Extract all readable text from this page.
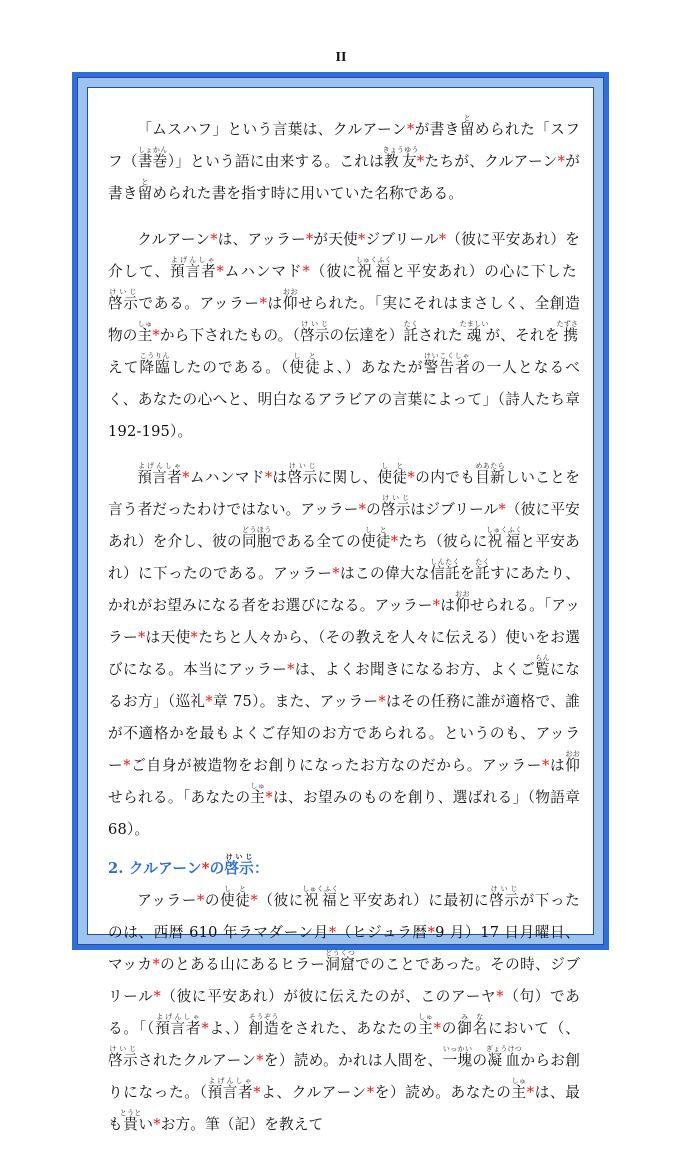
II

「ムスハフ」という言葉は、クルアーン*が書き留とめられた「スフフ（書巻しょかん）」という語に由来する。これは教友きょうゆう*たちが、クルアーン*が書き留とめられた書を指す時に用いていた名称である。

クルアーン*は、アッラー*が天使*ジブリール*（彼に平安あれ）を介して、預言者よげんしゃ*ムハンマド*（彼に祝福しゅくふくと平安あれ）の心に下した啓示けいじである。アッラー*は仰おおせられた。「実にそれはまさしく、全創造物の主しゅ*から下されたもの。（啓示けいじの伝達を）託たくされた魂たましいが、それを携たずさえて降臨こうりんしたのである。（使徒しとよ、）あなたが警告者けいこくしゃの一人となるべく、あなたの心へと、明白なるアラビアの言葉によって」（詩人たち章 192-195）。

預言者よげんしゃ*ムハンマド*は啓示けいじに関し、使徒しと*の内でも目新めあたらしいことを言う者だったわけではない。アッラー*の啓示けいじはジブリール*（彼に平安あれ）を介し、彼の同胞どうほうである全ての使徒しと*たち（彼らに祝福しゅくふくと平安あれ）に下ったのである。アッラー*はこの偉大な信託しんたくを託たくすにあたり、かれがお望みになる者をお選びになる。アッラー*は仰おおせられる。「アッラー*は天使*たちと人々から、（その教えを人々に伝える）使いをお選びになる。本当にアッラー*は、よくお聞きになるお方、よくご覧らんになるお方」（巡礼*章 75）。また、アッラー*はその任務に誰が適格で、誰が不適格かを最もよくご存知のお方であられる。というのも、アッラー*ご自身が被造物をお創りになったお方なのだから。アッラー*は仰おおせられる。「あなたの主しゅ*は、お望みのものを創り、選ばれる」（物語章 68）。

2. クルアーン*の啓示けいじ：

アッラー*の使徒しと*（彼に祝福しゅくふくと平安あれ）に最初に啓示けいじが下ったのは、西暦 610 年ラマダーン月*（ヒジュラ暦*9 月）17 日月曜日、マッカ*のとある山にあるヒラー洞窟どうくつでのことであった。その時、ジブリール*（彼に平安あれ）が彼に伝えたのが、このアーヤ*（句）である。「（預言者よげんしゃ*よ、）創造そうぞうをされた、あなたの主しゅ*の御名みなにおいて（、啓示けいじされたクルアーン*を）読め。かれは人間を、一塊いっかいの凝血ぎょうけつからお創りになった。（預言者よげんしゃ*よ、クルアーン*を）読め。あなたの主しゅ*は、最も貴とうとい*お方。筆（記）を教えて
